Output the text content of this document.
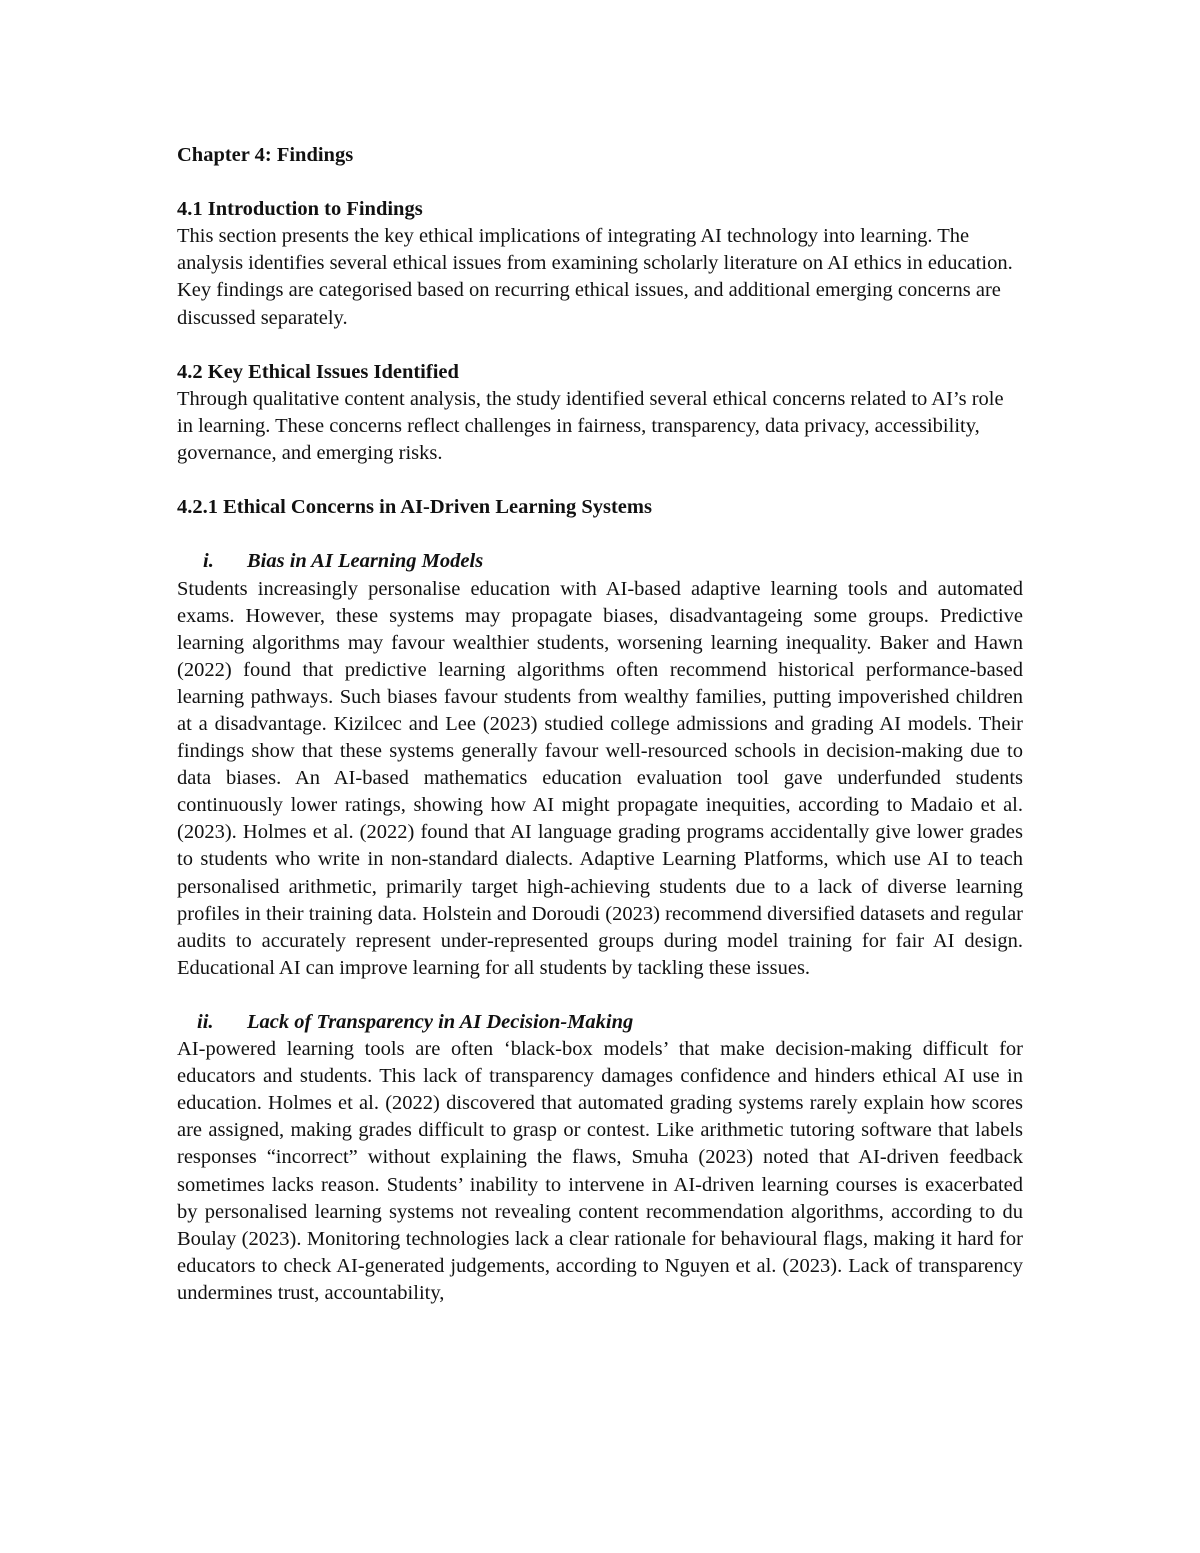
Chapter 4: Findings

4.1 Introduction to Findings

This section presents the key ethical implications of integrating AI technology into learning. The analysis identifies several ethical issues from examining scholarly literature on AI ethics in education. Key findings are categorised based on recurring ethical issues, and additional emerging concerns are discussed separately.

4.2 Key Ethical Issues Identified

Through qualitative content analysis, the study identified several ethical concerns related to AI’s role in learning. These concerns reflect challenges in fairness, transparency, data privacy, accessibility, governance, and emerging risks.

4.2.1 Ethical Concerns in AI-Driven Learning Systems

i.	Bias in AI Learning Models

Students increasingly personalise education with AI-based adaptive learning tools and automated exams. However, these systems may propagate biases, disadvantageing some groups. Predictive learning algorithms may favour wealthier students, worsening learning inequality. Baker and Hawn (2022) found that predictive learning algorithms often recommend historical performance-based learning pathways. Such biases favour students from wealthy families, putting impoverished children at a disadvantage. Kizilcec and Lee (2023) studied college admissions and grading AI models. Their findings show that these systems generally favour well-resourced schools in decision-making due to data biases. An AI-based mathematics education evaluation tool gave underfunded students continuously lower ratings, showing how AI might propagate inequities, according to Madaio et al. (2023). Holmes et al. (2022) found that AI language grading programs accidentally give lower grades to students who write in non-standard dialects. Adaptive Learning Platforms, which use AI to teach personalised arithmetic, primarily target high-achieving students due to a lack of diverse learning profiles in their training data. Holstein and Doroudi (2023) recommend diversified datasets and regular audits to accurately represent under-represented groups during model training for fair AI design. Educational AI can improve learning for all students by tackling these issues.

ii.	Lack of Transparency in AI Decision-Making

AI-powered learning tools are often ‘black-box models’ that make decision-making difficult for educators and students. This lack of transparency damages confidence and hinders ethical AI use in education. Holmes et al. (2022) discovered that automated grading systems rarely explain how scores are assigned, making grades difficult to grasp or contest. Like arithmetic tutoring software that labels responses “incorrect” without explaining the flaws, Smuha (2023) noted that AI-driven feedback sometimes lacks reason. Students’ inability to intervene in AI-driven learning courses is exacerbated by personalised learning systems not revealing content recommendation algorithms, according to du Boulay (2023). Monitoring technologies lack a clear rationale for behavioural flags, making it hard for educators to check AI-generated judgements, according to Nguyen et al. (2023). Lack of transparency undermines trust, accountability,
